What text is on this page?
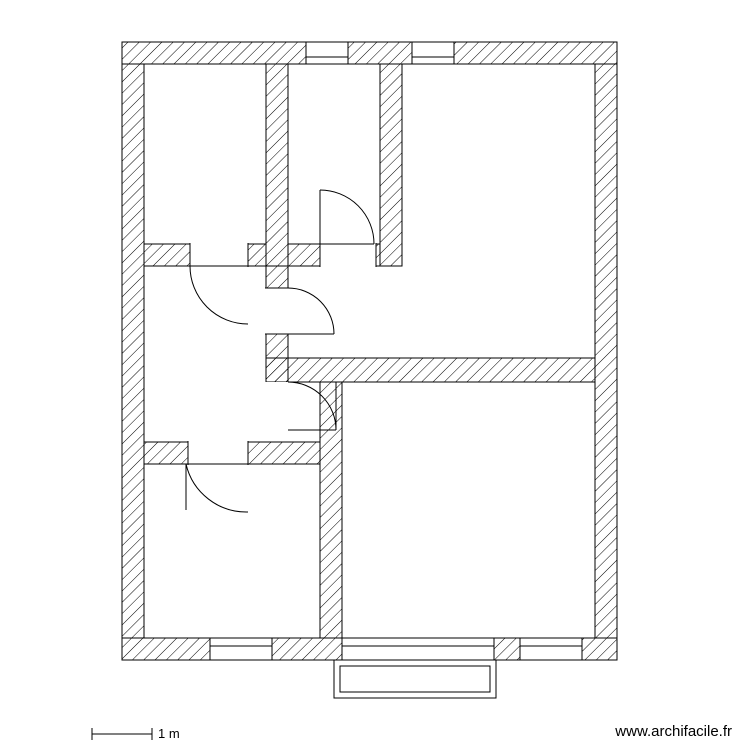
1 m	www.archifacile.fr
